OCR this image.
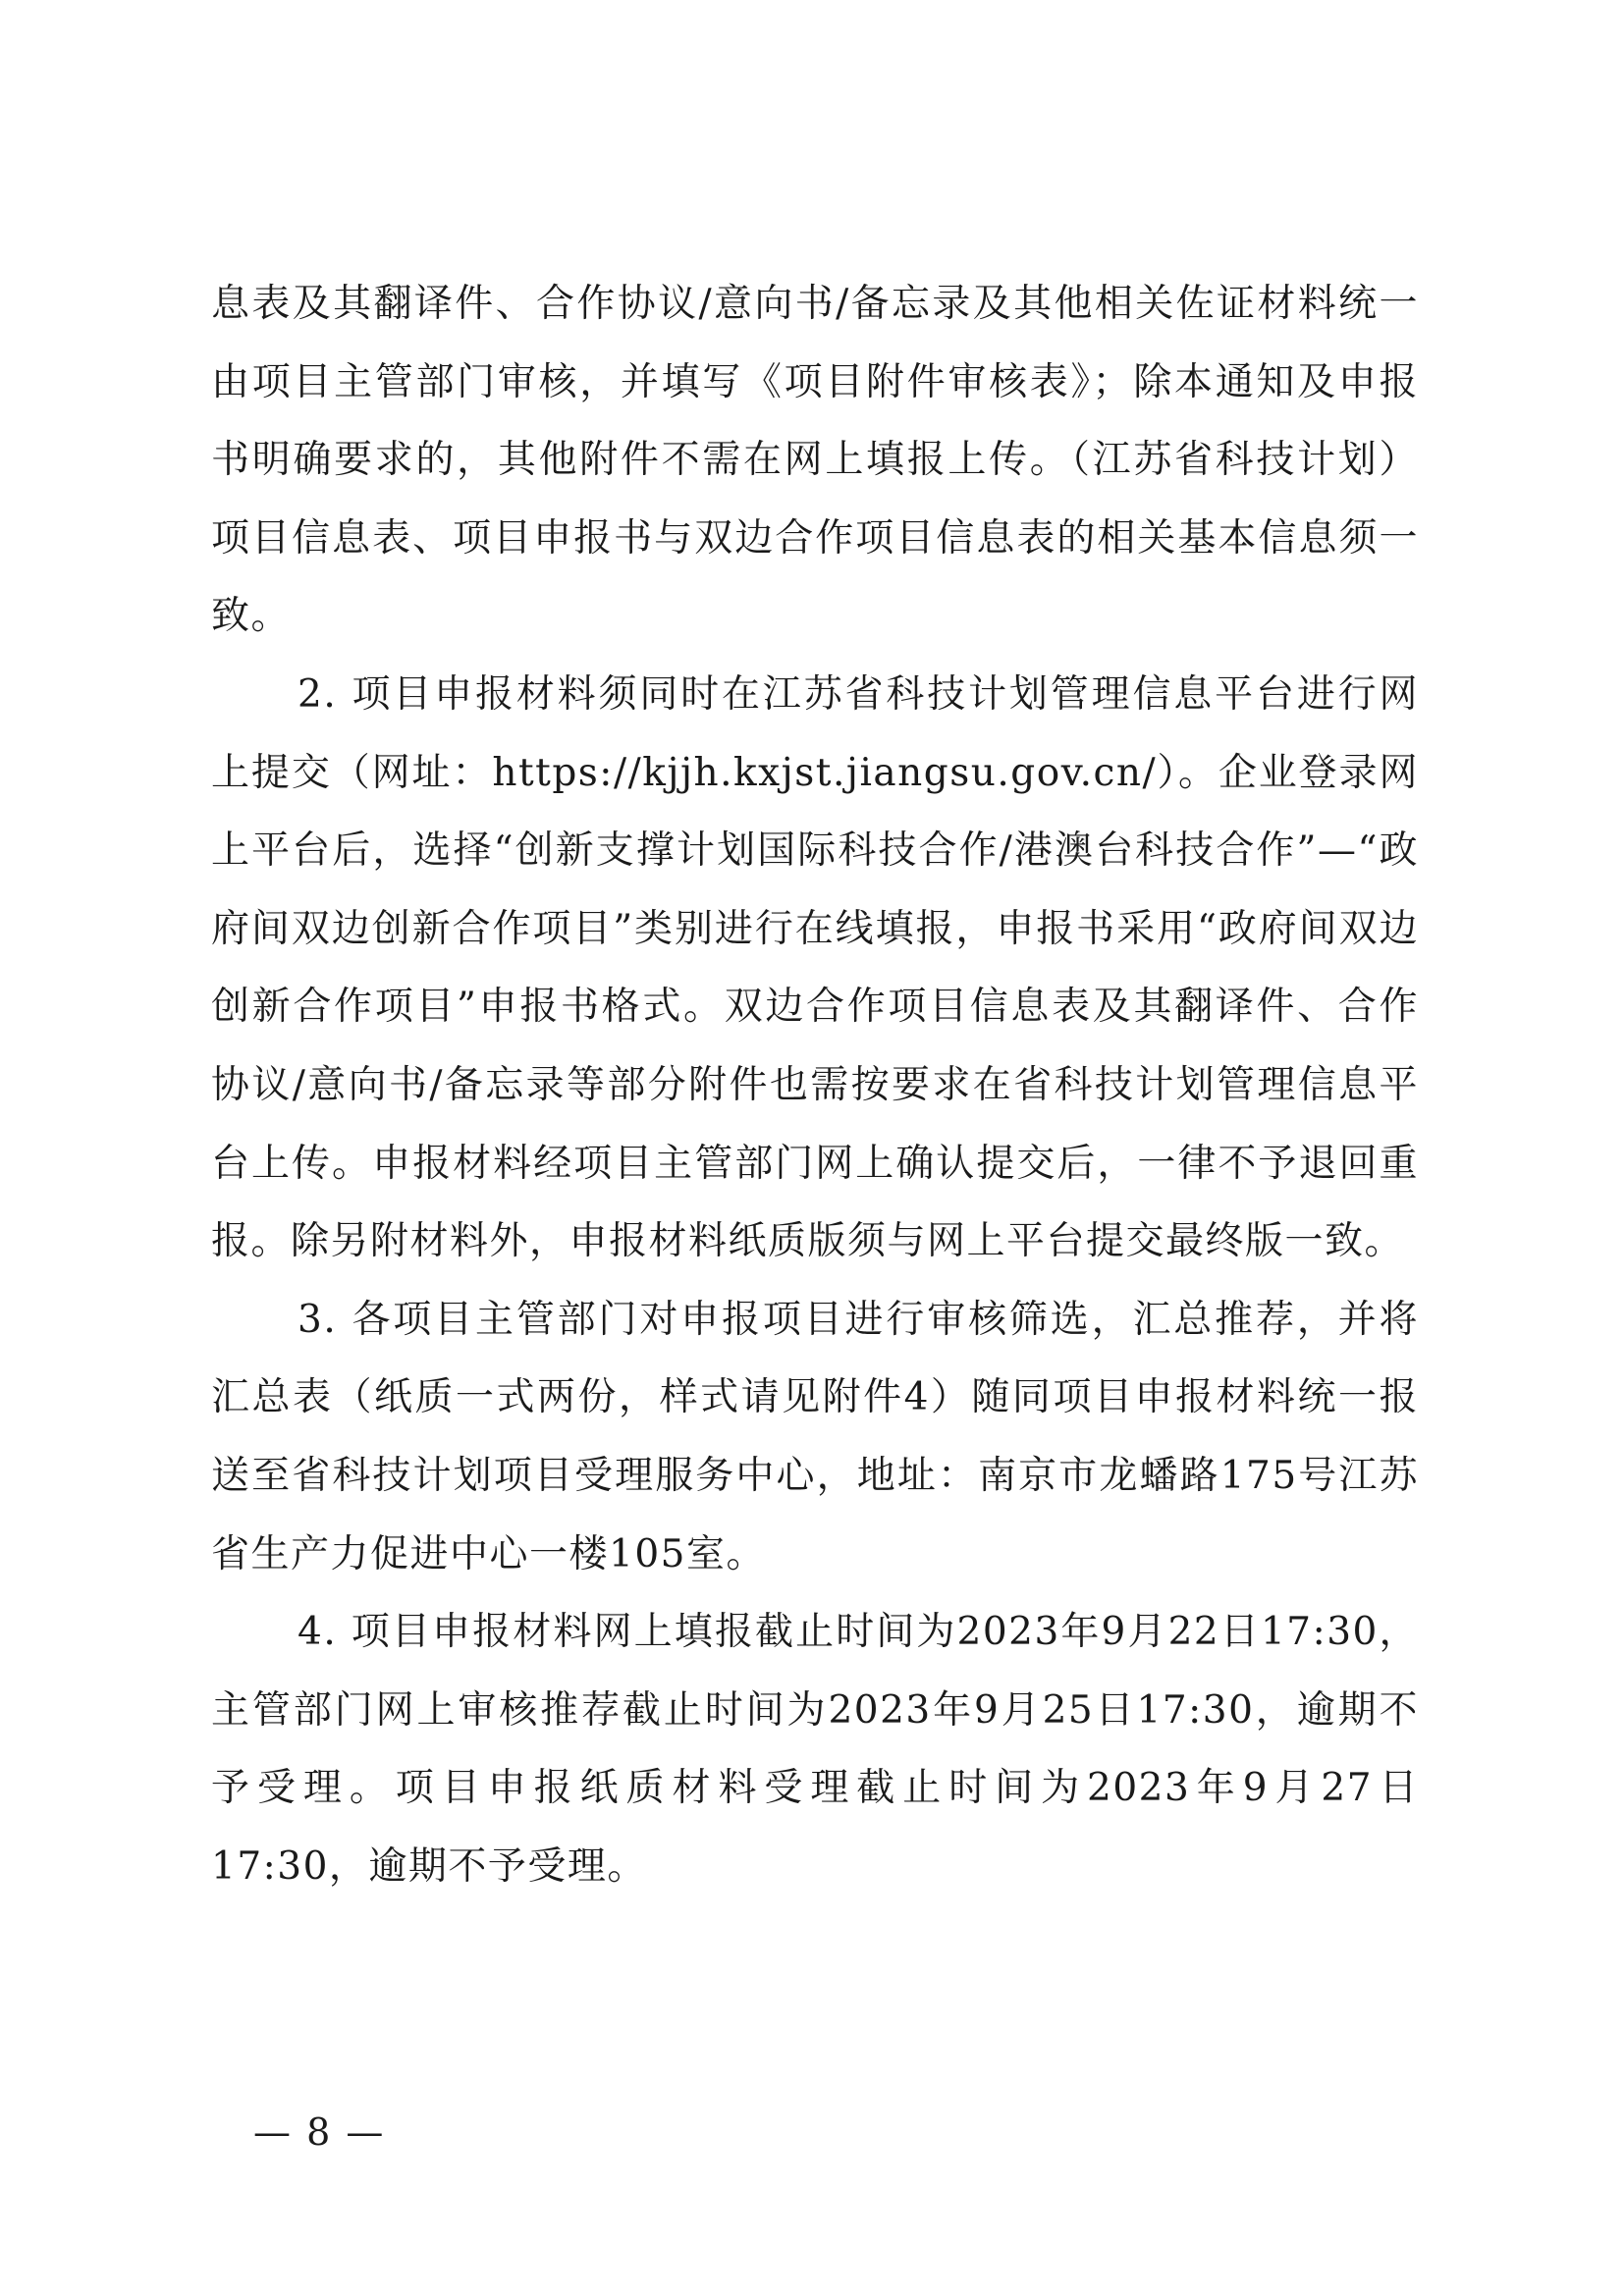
息表及其翻译件、合作协议/意向书/备忘录及其他相关佐证材料统一由项目主管部门审核，并填写《项目附件审核表》；除本通知及申报书明确要求的，其他附件不需在网上填报上传。（江苏省科技计划）项目信息表、项目申报书与双边合作项目信息表的相关基本信息须一致。

2. 项目申报材料须同时在江苏省科技计划管理信息平台进行网上提交（网址：https://kjjh.kxjst.jiangsu.gov.cn/）。企业登录网上平台后，选择“创新支撑计划国际科技合作/港澳台科技合作”—“政府间双边创新合作项目”类别进行在线填报，申报书采用“政府间双边创新合作项目”申报书格式。双边合作项目信息表及其翻译件、合作协议/意向书/备忘录等部分附件也需按要求在省科技计划管理信息平台上传。申报材料经项目主管部门网上确认提交后，一律不予退回重报。除另附材料外，申报材料纸质版须与网上平台提交最终版一致。

3. 各项目主管部门对申报项目进行审核筛选，汇总推荐，并将汇总表（纸质一式两份，样式请见附件4）随同项目申报材料统一报送至省科技计划项目受理服务中心，地址：南京市龙蟠路175号江苏省生产力促进中心一楼105室。

4. 项目申报材料网上填报截止时间为2023年9月22日17:30，主管部门网上审核推荐截止时间为2023年9月25日17:30，逾期不予受理。项目申报纸质材料受理截止时间为2023年9月27日17:30，逾期不予受理。

— 8 —
